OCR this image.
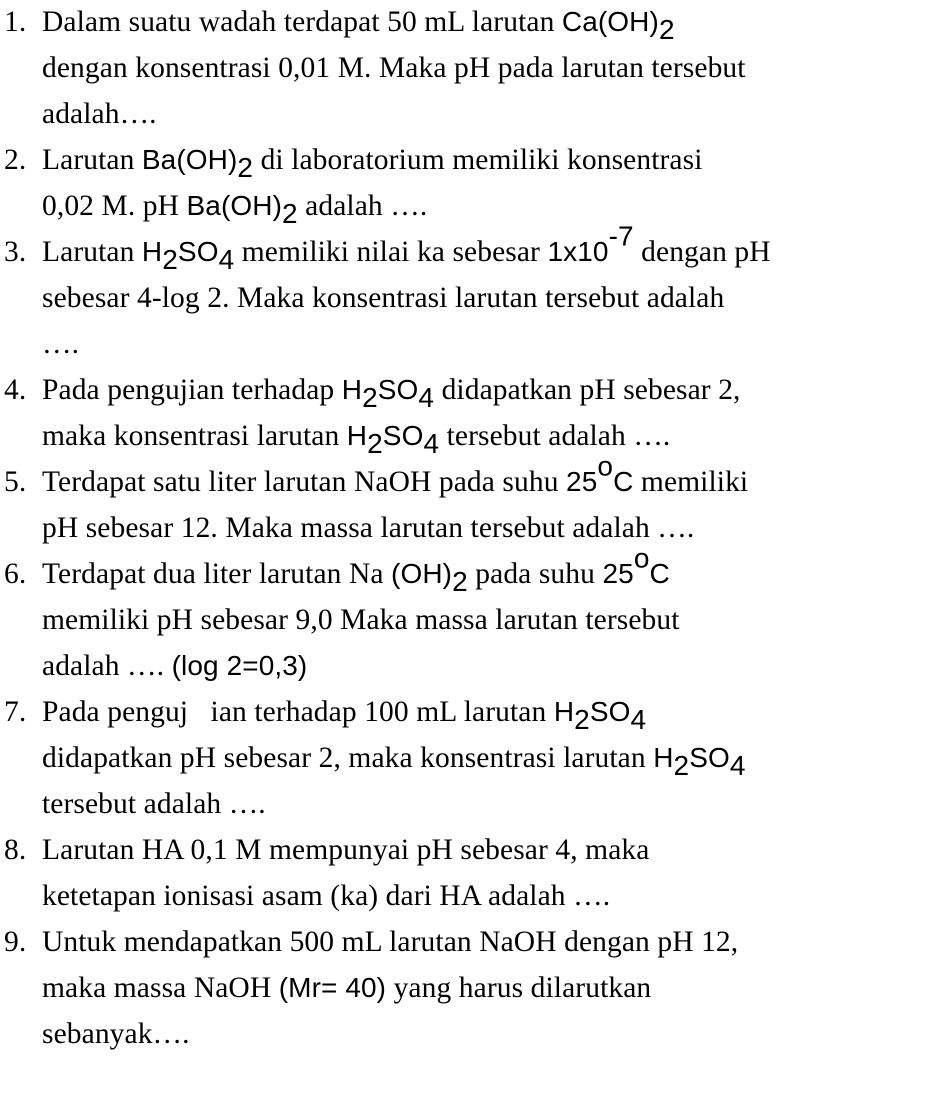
1. Dalam suatu wadah terdapat 50 mL larutan $Ca(OH)_2$
dengan konsentrasi 0,01 M. Maka pH pada larutan tersebut
adalah….
2. Larutan $Ba(OH)_2$ di laboratorium memiliki konsentrasi
0,02 M. pH $Ba(OH)_2$ adalah ….
3. Larutan $H_2SO_4$ memiliki nilai ka sebesar $1x10^{-7}$ dengan pH
sebesar 4-log 2. Maka konsentrasi larutan tersebut adalah
….
4. Pada pengujian terhadap $H_2SO_4$ didapatkan pH sebesar 2,
maka konsentrasi larutan $H_2SO_4$ tersebut adalah ….
5. Terdapat satu liter larutan NaOH pada suhu 25$^o$C memiliki
pH sebesar 12. Maka massa larutan tersebut adalah ….
6. Terdapat dua liter larutan Na $(OH)_2$ pada suhu 25$^o$C
memiliki pH sebesar 9,0 Maka massa larutan tersebut
adalah …. (log 2=0,3)
7. Pada penguj   ian terhadap 100 mL larutan $H_2SO_4$
didapatkan pH sebesar 2, maka konsentrasi larutan $H_2SO_4$
tersebut adalah ….
8. Larutan HA 0,1 M mempunyai pH sebesar 4, maka
ketetapan ionisasi asam (ka) dari HA adalah ….
9. Untuk mendapatkan 500 mL larutan NaOH dengan pH 12,
maka massa NaOH (Mr= 40) yang harus dilarutkan
sebanyak….
